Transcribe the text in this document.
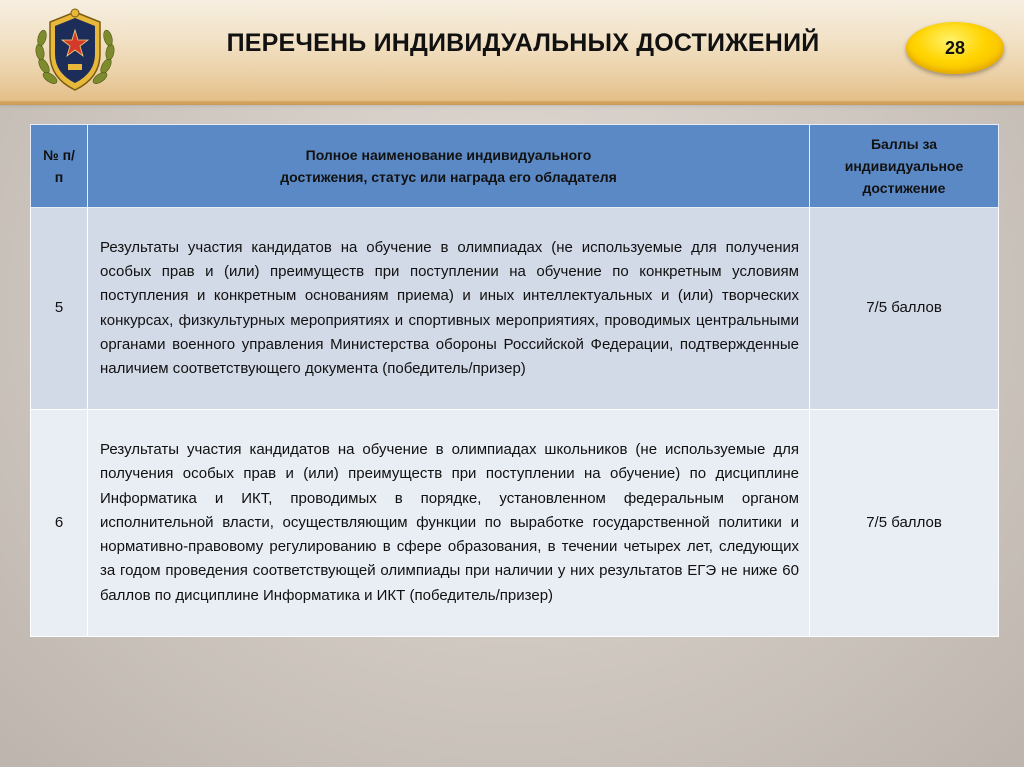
ПЕРЕЧЕНЬ ИНДИВИДУАЛЬНЫХ ДОСТИЖЕНИЙ	28
№ п/п	Полное наименование индивидуального достижения, статус или награда его обладателя	Баллы за индивидуальное достижение
5	Результаты участия кандидатов на обучение в олимпиадах (не используемые для получения особых прав и (или) преимуществ при поступлении на обучение по конкретным условиям поступления и конкретным основаниям приема) и иных интеллектуальных и (или) творческих конкурсах, физкультурных мероприятиях и спортивных мероприятиях, проводимых центральными органами военного управления Министерства обороны Российской Федерации, подтвержденные наличием соответствующего документа (победитель/призер)	7/5 баллов
6	Результаты участия кандидатов на обучение в олимпиадах школьников (не используемые для получения особых прав и (или) преимуществ при поступлении на обучение) по дисциплине Информатика и ИКТ, проводимых в порядке, установленном федеральным органом исполнительной власти, осуществляющим функции по выработке государственной политики и нормативно-правовому регулированию в сфере образования, в течении четырех лет, следующих за годом проведения соответствующей олимпиады при наличии у них результатов ЕГЭ не ниже 60 баллов по дисциплине Информатика и ИКТ (победитель/призер)	7/5 баллов
